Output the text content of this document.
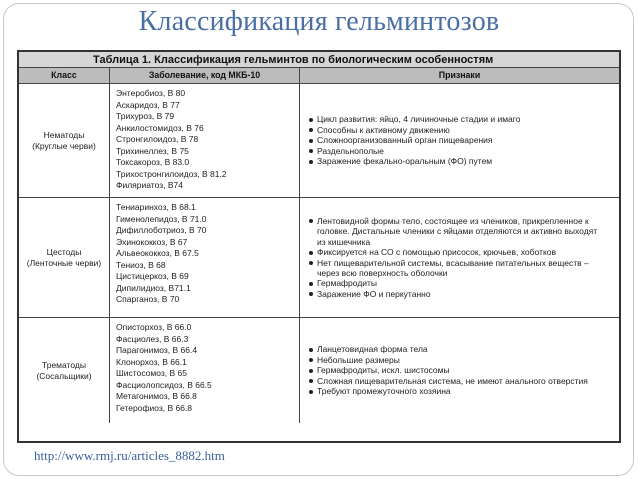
Классификация гельминтозов
Таблица 1. Классификация гельминтов по биологическим особенностям
Класс	Заболевание, код МКБ-10	Признаки
Нематоды
(Круглые черви)
Энтеробиоз, B 80
Аскаридоз, B 77
Трихуроз, B 79
Анкилостомидоз, B 76
Стронгилоидоз, B 78
Трихинеллез, B 75
Токсакороз, B 83.0
Трихостронгилоидоз, B 81.2
Филяриатоз, B74
Цикл развития: яйцо, 4 личиночные стадии и имаго
Способны к активному движению
Сложноорганизованный орган пищеварения
Раздельнополые
Заражение фекально-оральным (ФО) путем
Цестоды
(Ленточные черви)
Тениаринхоз, B 68.1
Гименолепидоз, B 71.0
Дифиллоботриоз, B 70
Эхинококкоз, B 67
Альвеококкоз, B 67.5
Тениоз, B 68
Цистицеркоз, B 69
Дипилидиоз, B71.1
Спарганоз, B 70
Лентовидной формы тело, состоящее из члеников, прикрепленное к
головке. Дистальные членики с яйцами отделяются и активно выходят
из кишечника
Фиксируется на СО с помощью присосок, крючьев, хоботков
Нет пищеварительной системы, всасывание питательных веществ –
через всю поверхность оболочки
Гермафродиты
Заражение ФО и перкутанно
Трематоды
(Сосальщики)
Описторхоз, B 66.0
Фасциолез, B 66.3
Парагонимоз, B 66.4
Клонорхоз, B 66.1
Шистосомоз, B 65
Фасциолопсидоз, B 66.5
Метагонимоз, B 66.8
Гетерофиоз, B 66.8
Ланцетовидная форма тела
Небольшие размеры
Гермафродиты, искл. шистосомы
Сложная пищеварительная система, не имеют анального отверстия
Требуют промежуточного хозяина
http://www.rmj.ru/articles_8882.htm
